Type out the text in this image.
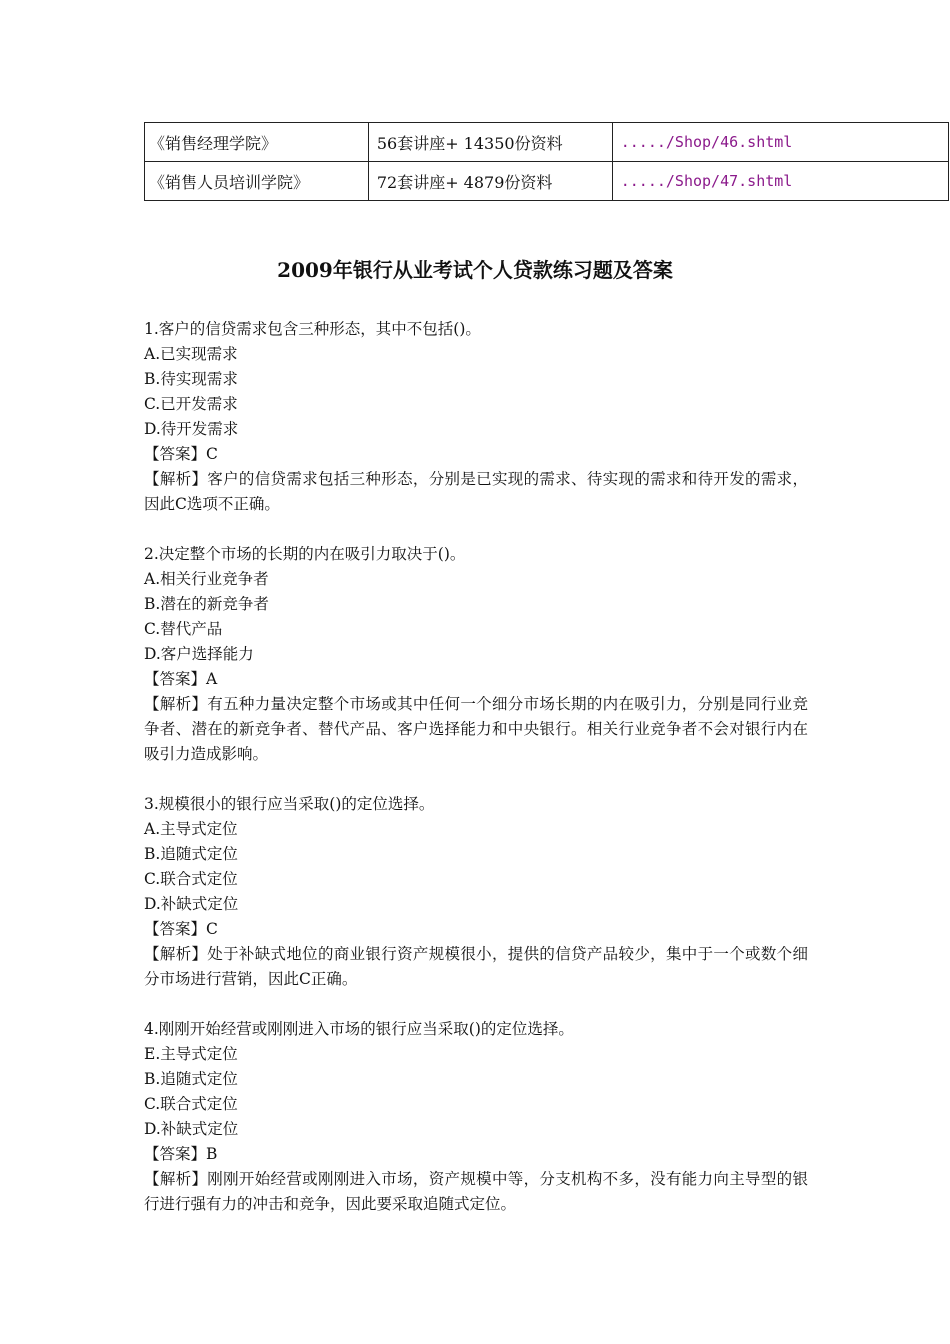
《销售经理学院》	56套讲座+ 14350份资料	...../Shop/46.shtml
《销售人员培训学院》	72套讲座+ 4879份资料	...../Shop/47.shtml
2009年银行从业考试个人贷款练习题及答案

1.客户的信贷需求包含三种形态，其中不包括()。

A.已实现需求

B.待实现需求

C.已开发需求

D.待开发需求

【答案】C

【解析】客户的信贷需求包括三种形态，分别是已实现的需求、待实现的需求和待开发的需求，因此C选项不正确。

2.决定整个市场的长期的内在吸引力取决于()。

A.相关行业竞争者

B.潜在的新竞争者

C.替代产品

D.客户选择能力

【答案】A

【解析】有五种力量决定整个市场或其中任何一个细分市场长期的内在吸引力，分别是同行业竞争者、潜在的新竞争者、替代产品、客户选择能力和中央银行。相关行业竞争者不会对银行内在吸引力造成影响。

3.规模很小的银行应当采取()的定位选择。

A.主导式定位

B.追随式定位

C.联合式定位

D.补缺式定位

【答案】C

【解析】处于补缺式地位的商业银行资产规模很小，提供的信贷产品较少，集中于一个或数个细分市场进行营销，因此C正确。

4.刚刚开始经营或刚刚进入市场的银行应当采取()的定位选择。

E.主导式定位

B.追随式定位

C.联合式定位

D.补缺式定位

【答案】B

【解析】刚刚开始经营或刚刚进入市场，资产规模中等，分支机构不多，没有能力向主导型的银行进行强有力的冲击和竞争，因此要采取追随式定位。
